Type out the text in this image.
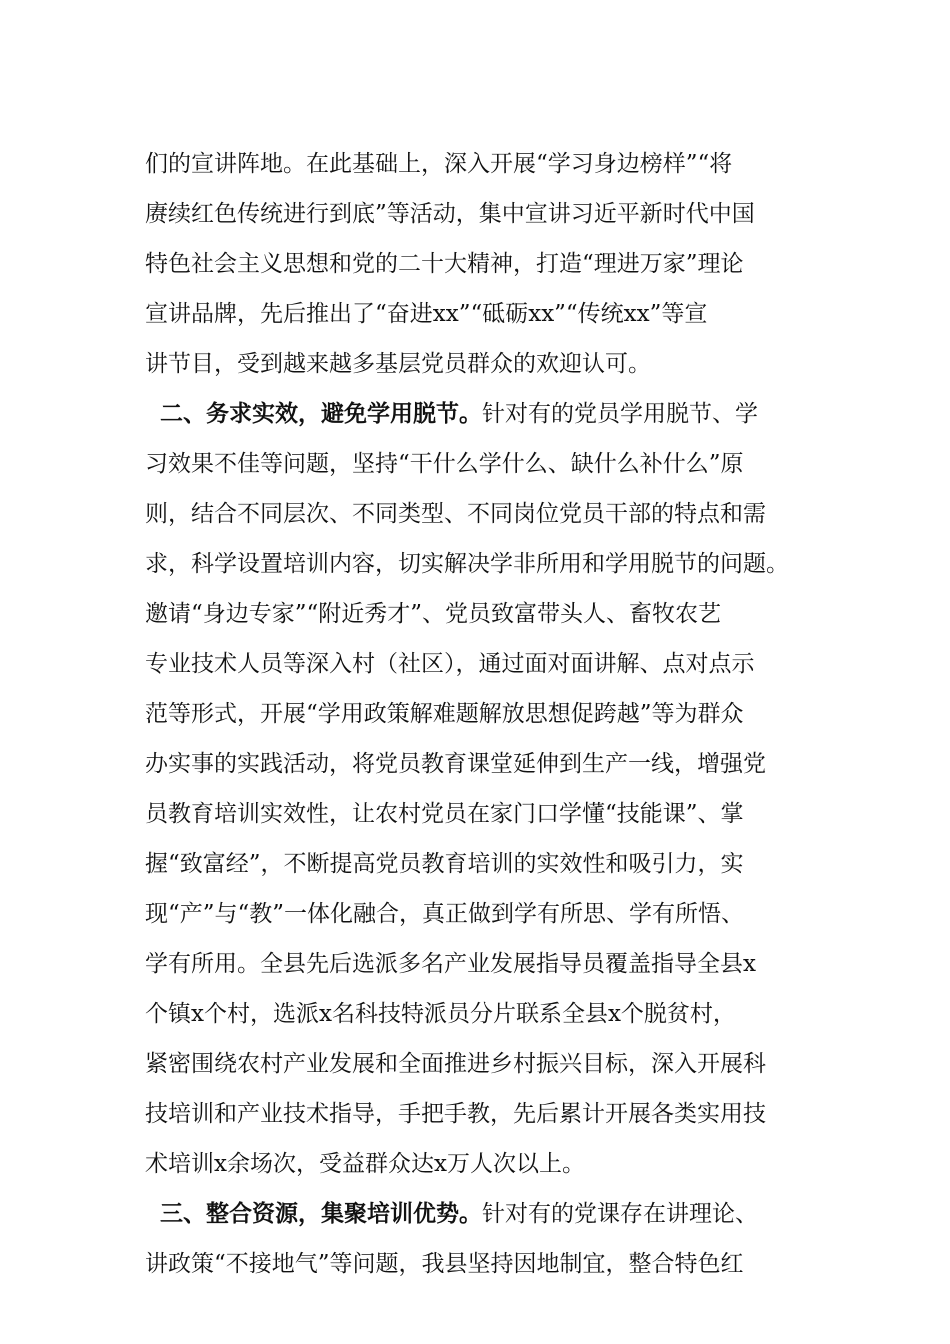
们的宣讲阵地。在此基础上，深入开展“学习身边榜样”“将

赓续红色传统进行到底”等活动，集中宣讲习近平新时代中国

特色社会主义思想和党的二十大精神，打造“理进万家”理论

宣讲品牌，先后推出了“奋进xx”“砥砺xx”“传统xx”等宣

讲节目，受到越来越多基层党员群众的欢迎认可。

二、务求实效，避免学用脱节。针对有的党员学用脱节、学

习效果不佳等问题，坚持“干什么学什么、缺什么补什么”原

则，结合不同层次、不同类型、不同岗位党员干部的特点和需

求，科学设置培训内容，切实解决学非所用和学用脱节的问题。

邀请“身边专家”“附近秀才”、党员致富带头人、畜牧农艺

专业技术人员等深入村（社区），通过面对面讲解、点对点示

范等形式，开展“学用政策解难题解放思想促跨越”等为群众

办实事的实践活动，将党员教育课堂延伸到生产一线，增强党

员教育培训实效性，让农村党员在家门口学懂“技能课”、掌

握“致富经”，不断提高党员教育培训的实效性和吸引力，实

现“产”与“教”一体化融合，真正做到学有所思、学有所悟、

学有所用。全县先后选派多名产业发展指导员覆盖指导全县x

个镇x个村，选派x名科技特派员分片联系全县x个脱贫村，

紧密围绕农村产业发展和全面推进乡村振兴目标，深入开展科

技培训和产业技术指导，手把手教，先后累计开展各类实用技

术培训x余场次，受益群众达x万人次以上。

三、整合资源，集聚培训优势。针对有的党课存在讲理论、

讲政策“不接地气”等问题，我县坚持因地制宜，整合特色红
